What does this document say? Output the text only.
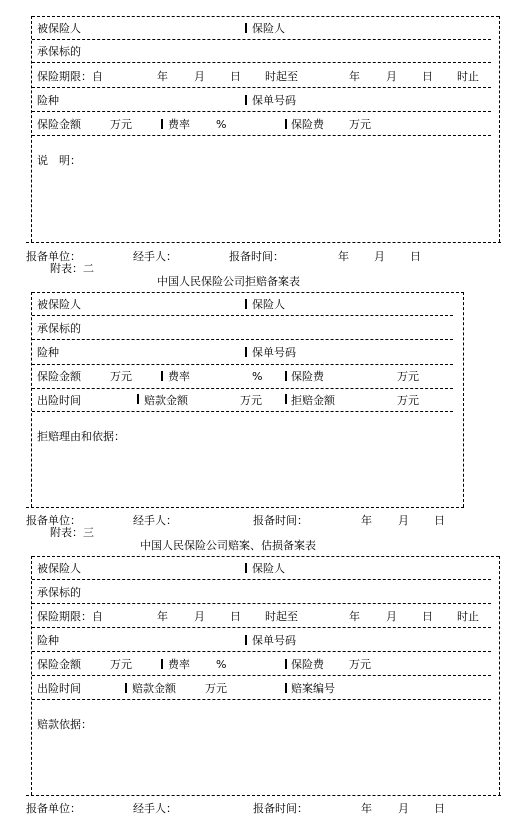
被保险人	保险人
承保标的
保险期限：自	年 月 日 时起至	年 月 日 时止
险种	保单号码
保险金额	万元	费率 %	保险费 万元
说　明：
报备单位：	经手人：	报备时间：	年 月 日
附表：二
中国人民保险公司拒赔备案表
被保险人	保险人
承保标的
险种	保单号码
保险金额	万元	费率	%	保险费	万元
出险时间	赔款金额	万元	拒赔金额	万元
拒赔理由和依据：
报备单位：	经手人：	报备时间：	年 月 日
附表：三
中国人民保险公司赔案、估损备案表
被保险人	保险人
承保标的
保险期限：自	年 月 日 时起至	年 月 日 时止
险种	保单号码
保险金额	万元	费率 %	保险费 万元
出险时间	赔款金额	万元	赔案编号
赔款依据：
报备单位：	经手人：	报备时间：	年 月 日
